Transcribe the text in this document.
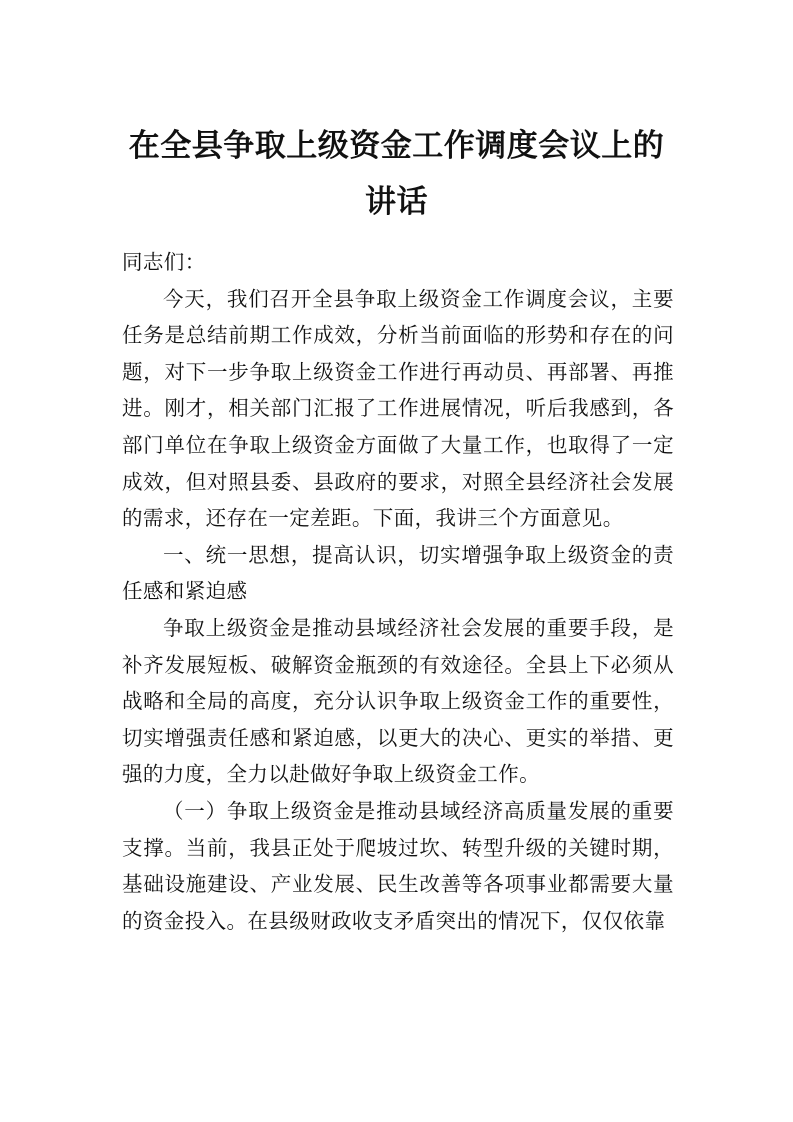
在全县争取上级资金工作调度会议上的讲话

同志们：

今天，我们召开全县争取上级资金工作调度会议，主要任务是总结前期工作成效，分析当前面临的形势和存在的问题，对下一步争取上级资金工作进行再动员、再部署、再推进。刚才，相关部门汇报了工作进展情况，听后我感到，各部门单位在争取上级资金方面做了大量工作，也取得了一定成效，但对照县委、县政府的要求，对照全县经济社会发展的需求，还存在一定差距。下面，我讲三个方面意见。

一、统一思想，提高认识，切实增强争取上级资金的责任感和紧迫感

争取上级资金是推动县域经济社会发展的重要手段，是补齐发展短板、破解资金瓶颈的有效途径。全县上下必须从战略和全局的高度，充分认识争取上级资金工作的重要性，切实增强责任感和紧迫感，以更大的决心、更实的举措、更强的力度，全力以赴做好争取上级资金工作。

（一）争取上级资金是推动县域经济高质量发展的重要支撑。当前，我县正处于爬坡过坎、转型升级的关键时期，基础设施建设、产业发展、民生改善等各项事业都需要大量的资金投入。在县级财政收支矛盾突出的情况下，仅仅依靠
